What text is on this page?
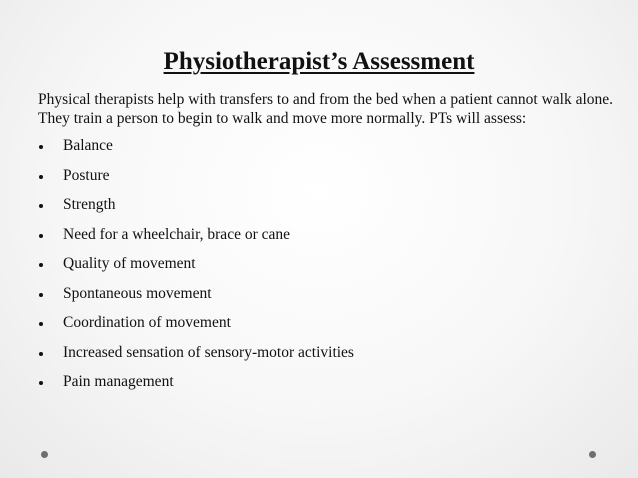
Physiotherapist’s Assessment

Physical therapists help with transfers to and from the bed when a patient cannot walk alone. They train a person to begin to walk and move more normally. PTs will assess:

Balance
Posture
Strength
Need for a wheelchair, brace or cane
Quality of movement
Spontaneous movement
Coordination of movement
Increased sensation of sensory-motor activities
Pain management
